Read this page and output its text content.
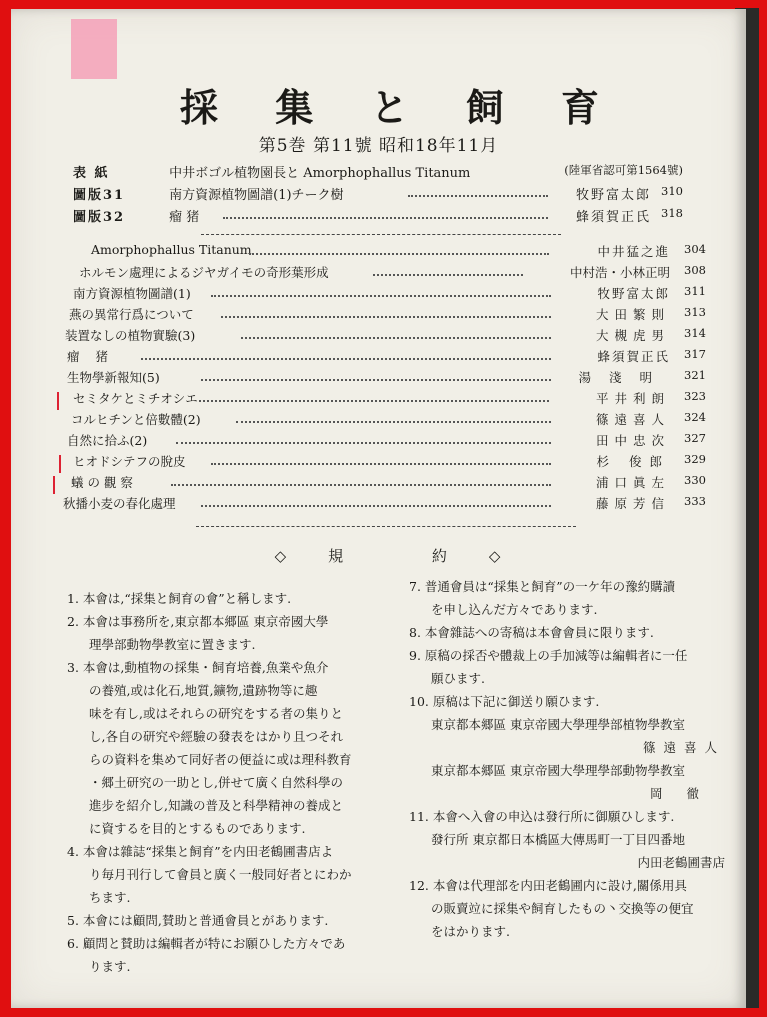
採 集 と 飼 育
第5巻 第11號 昭和18年11月
表 紙	中井ボゴル植物園長と Amorphophallus Titanum	(陸軍省認可第1564號)
圖版31	南方資源植物圖譜(1)チーク樹	牧野富太郎 310
圖版32	瘤 猪	蜂須賀正氏 318
Amorphophallus Titanum	中井猛之進 304
ホルモン處理によるジヤガイモの奇形葉形成	中村浩・小林正明 308
南方資源植物圖譜(1)	牧野富太郎 311
燕の異常行爲について	大田繁則 313
装置なしの植物實驗(3)	大槻虎男 314
瘤 猪	蜂須賀正氏 317
生物學新報知(5)	湯淺明 321
セミタケとミチオシエ	平井利朗 323
コルヒチンと倍數體(2)	篠遠喜人 324
自然に拾ふ(2)	田中忠次 327
ヒオドシテフの脫皮	杉 俊郎 329
蟻 の 觀 察	浦口眞左 330
秋播小麦の春化處理	藤原芳信 333
◇規 約◇

1. 本會は,“採集と飼育の會”と稱します.

2. 本會は事務所を,東京都本郷區 東京帝國大學

理學部動物學教室に置きます.

3. 本會は,動植物の採集・飼育培養,魚業や魚介

の養殖,或は化石,地質,鑛物,遺跡物等に趣

味を有し,或はそれらの研究をする者の集りと

し,各自の研究や經驗の發表をはかり且つそれ

らの資料を集めて同好者の便益に或は理科教育

・郷土研究の一助とし,併せて廣く自然科學の

進步を紹介し,知識の普及と科學精神の養成と

に資するを目的とするものであります.

4. 本會は雜誌“採集と飼育”を内田老鶴圃書店よ

り毎月刊行して會員と廣く一般同好者とにわか

ちます.

5. 本會には顧問,賛助と普通會員とがあります.

6. 顧問と賛助は編輯者が特にお願ひした方々であ

ります.

7. 普通會員は“採集と飼育”の一ケ年の豫約購讀

を申し込んだ方々であります.

8. 本會雜誌への寄稿は本會會員に限ります.

9. 原稿の採否や體裁上の手加減等は編輯者に一任

願ひます.

10. 原稿は下記に御送り願ひます.

東京都本郷區 東京帝國大學理學部植物學教室

篠遠喜人

東京都本郷區 東京帝國大學理學部動物學教室

岡 徹

11. 本會へ入會の申込は發行所に御願ひします.

發行所 東京都日本橋區大傳馬町一丁目四番地

内田老鶴圃書店

12. 本會は代理部を内田老鶴圃内に設け,關係用具

の販賣竝に採集や飼育したもの丶交換等の便宜

をはかります.
